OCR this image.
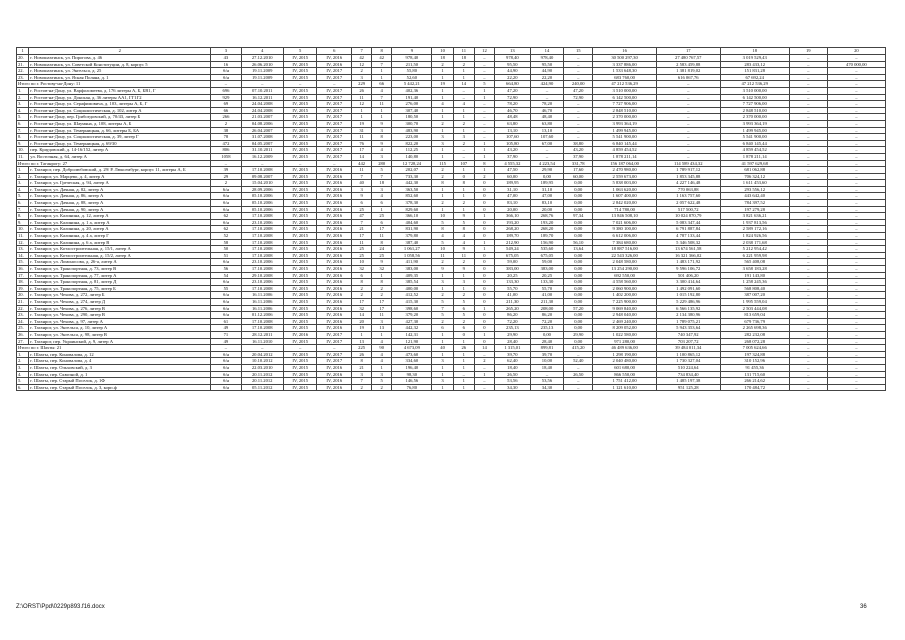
1	2	3	4	5	6	7	8	9	10	11	12	13	14	15	16	17	18	19	20
20.	г. Новошахтинск, ул. Пирогова, д. 46	43	27.12.2010	IV, 2015	IV, 2016	42	42	978,40	18	18	–	978,40	978,40	–	30 500 297,30	27 480 767,57	3 019 529,43	–	–
21.	г. Новошахтинск, ул. Советской Конституции, д. 8, корпус 5	16	26.06.2010	IV, 2015	IV, 2016	12	7	211,50	2	2	–	95,50	95,50	–	3 337 886,00	2 583 459,88	283 433,12	–	470 000,00
22.	г. Новошахтинск, ул. Энгельса, д. 25	б/н	19.11.2009	IV, 2015	IV, 2017	2	1	55,80	1	1	–	44,90	44,90	–	1 533 648,30	1 381 819,02	151 831,28	–	–
23.	г. Новошахтинск, ул. Ясная Поляна, д. 1	б/н	19.11.2009	IV, 2015	IV, 2017	3	1	52,60	1	1	–	22,20	22,20	–	683 760,00	616 067,76	67 692,24	–	–
Итого по г. Ростову-на-Дону: 11		–	–	–	–	229	66	5 442,21	19	14	5	664,80	424,90	240,00	47 212 536,29	–	47 212 536,29	–	–
1.	г. Ростов-на-Дону, ул. Варфоломеева, д. 176 литеры А, Б, БВ1, Г	696	07.10.2011	IV, 2015	IV, 2017	26	4	402,36	1	–	1	47,20	–	47,20	3 510 000,00	–	3 510 000,00	–	–
2.	г. Ростов-на-Дону, ул. Донская, д. 36 литеры АА1, ГГ1Г2	929	16.12.2011	IV, 2015	IV, 2017	11	7	191,40	1	–	1	72,90	–	72,90	6 142 500,00	–	6 142 500,00	–	–
3.	г. Ростов-на-Дону, ул. Серафимовича, д. 103, литеры А, Б, Г	69	24.04.2008	IV, 2015	IV, 2017	12	11	276,00	4	4	–	78,20	78,20	–	7 727 906,00	–	7 727 906,00	–	–
4.	г. Ростов-на-Дону, ул. Социалистическая, д. 102, литер А	66	24.04.2008	IV, 2015	IV, 2017	1	1	307,40	1	1	–	46,70	46,70	–	2 848 510,00	–	2 848 510,00	–	–
5.	г. Ростов-на-Дону, пер. Грибоедовский, д. 70/43, литер Б	266	21.03.2007	IV, 2015	IV, 2017	1	1	180,50	1	1	–	48,48	48,40	–	2 370 000,00	–	2 370 000,00	–	–
6.	г. Ростов-на-Дону, ул. Шаумяна, д. 108, литеры А, Б	2	04.08.2006	IV, 2015	IV, 2017	19	9	300,70	2	2	–	63,80	63,80	–	3 993 364,19	–	3 993 364,19	–	–
7.	г. Ростов-на-Дону, ул. Темерницкая, д. 66, литеры Б, БА	38	26.04.2007	IV, 2015	IV, 2017	31	3	483,90	1	1	–	13,10	13,10	–	1 499 945,00	–	1 499 945,00	–	–
8.	г. Ростов-на-Дону, ул. Социалистическая, д. 39, литер Г	78	31.07.2008	IV, 2015	IV, 2017	11	8	223,00	3	3	–	107,60	107,60	–	5 541 900,00	–	5 541 900,00	–	–
9.	г. Ростов-на-Дону, ул. Темерницкая, д. 69/30	472	04.05.2007	IV, 2015	IV, 2017	76	9	822,20	3	2	1	105,80	67,00	38,80	6 840 145,44	–	6 840 145,44	–	–
10.	пер. Краудовский, д. 14-16/152, литер А	806	31.10.2011	IV, 2015	IV, 2017	17	4	112,25	1	–	1	43,20	–	43,20	4 859 454,52	–	4 859 454,52	–	–
11.	ул. Восточная, д. 64, литер А	1058	16.12.2009	IV, 2015	IV, 2017	14	3	140,80	1	–	1	37,90	–	37,90	1 878 211,14	–	1 878 211,14	–	–
Итого по г. Таганрогу: 27		–	–	–	–	442	280	12 728,24	115	107	8	4 555,32	4 223,54	331,78	156 187 064,00	114 589 434,32	41 597 629,68	–	–
1.	г. Таганрог, пер. Добролюбовский, д. 29/ Р. Люксембург, корпус 11, литеры А, Б	39	17.10.2008	IV, 2015	IV, 2016	11	5	202,07	2	1	1	47,50	29,90	17,60	2 470 980,00	1 789 917,12	681 062,88	–	–
2.	г. Таганрог, ул. Марцево, д. 4, литер А	29	09.08.2007	IV, 2015	IV, 2016	7	7	733,30	2	0	2	60,00	0,00	60,00	2 559 673,00	1 853 345,88	706 324,12	–	–
3.	г. Таганрог, ул. Греческая, д. 94, литер А	2	15.04.2010	IV, 2015	IV, 2016	40	18	442,30	8	8	0	189,95	189,95	0,00	5 838 003,00	4 227 146,48	1 611 453,60	–	–
4.	г. Таганрог, ул. Дачная, д. 82, литер А	6/н	28.09.2006	IV, 2015	IV, 2016	3	3	363,50	1	1	0	31,10	31,10	0,00	1 063 620,00	770 063,88	293 556,12	–	–
5.	г. Таганрог, ул. Дачная, д. 86, литер А	б/н	05.10.2006	IV, 2015	IV, 2016	9	4	852,60	1	1	0	47,00	47,00	0,00	1 607 400,00	1 163 757,60	443 642,40	–	–
6.	г. Таганрог, ул. Дачная, д. 88, литер А	б/н	05.10.2006	IV, 2015	IV, 2016	6	6	378,30	2	2	0	83,10	83,10	0,00	2 842 020,00	2 057 622,48	784 397,52	–	–
7.	г. Таганрог, ул. Дачная, д. 90, литер А	б/н	05.10.2006	IV, 2015	IV, 2016	25	1	829,60	1	1	0	20,00	20,00	0,00	714 780,00	517 500,72	197 279,28	–	–
8.	г. Таганрог, ул. Калинина, д. 12, литер А	62	17.10.2008	IV, 2015	IV, 2016	47	25	366,10	10	9	1	366,10	268,76	97,34	13 846 508,10	10 024 870,79	3 821 636,21	–	–
9.	г. Таганрог, ул. Калинина, д. 1 а, литер А	б/н	23.10.2006	IV, 2015	IV, 2016	7	6	404,60	5	5	0	193,20	193,20	0,00	7 021 606,00	5 083 347,44	1 937 813,56	–	–
10.	г. Таганрог, ул. Калинина, д. 20, литер А	62	17.10.2008	IV, 2015	IV, 2016	21	17	831,90	8	8	0	268,20	268,20	0,00	9 380 100,00	6 791 887,84	2 589 172,16	–	–
11.	г. Таганрог, ул. Калинина, д. 4 а, литер Г	52	17.10.2008	IV, 2015	IV, 2016	17	11	379,80	4	4	0	189,70	189,70	0,00	6 612 006,00	4 787 133,44	1 824 926,56	–	–
12.	г. Таганрог, ул. Калинина, д. 6 а, литер В	58	17.10.2008	IV, 2015	IV, 2016	11	8	387,40	5	4	1	212,90	156,90	56,10	7 384 680,00	5 346 508,32	2 038 171,68	–	–
13.	г. Таганрог, ул. Котлостроительная, д. 15/1, литер А	50	17.10.2008	IV, 2015	IV, 2016	25	24	1 061,27	10	9	1	549,24	535,60	13,64	18 887 516,00	13 674 561,58	5 212 954,42	–	–
14.	г. Таганрог, ул. Котлостроительная, д. 15/2, литер А	51	17.10.2008	IV, 2015	IV, 2016	25	25	1 058,56	11	11	0	675,05	675,05	0,00	22 543 326,00	16 321 366,02	6 221 959,98	–	–
15.	г. Таганрог, ул. Ломоносова, д. 26-а, литер А	б/н	23.10.2006	IV, 2015	IV, 2016	10	9	411,90	2	2	0	59,00	59,00	0,00	2 048 580,00	1 483 171,92	565 408,08	–	–
16.	г. Таганрог, ул. Транспортная, д. 73, литер В	56	17.10.2008	IV, 2015	IV, 2016	32	32	383,00	9	9	0	383,00	383,00	0,00	13 254 290,00	9 596 106,72	3 658 183,28	–	–
17.	г. Таганрог, ул. Транспортная, д. 77, литер А	54	29.10.2008	IV, 2015	IV, 2016	6	1	409,35	1	1	0	20,25	20,25	0,00	692 550,00	501 406,20	191 143,80	–	–
18.	г. Таганрог, ул. Транспортная, д. 81, литер Д	б/н	23.10.2006	IV, 2015	IV, 2016	8	8	385,54	3	3	0	133,30	133,30	0,00	4 558 560,00	3 300 414,64	1 258 245,36	–	–
19.	г. Таганрог, ул. Транспортная, д. 75, литер Б	55	17.10.2008	IV, 2015	IV, 2016	2	2	400,00	1	1	0	55,70	55,70	0,00	2 060 900,00	1 492 091,60	568 808,40	–	–
20.	г. Таганрог, ул. Чехова, д. 272, литер Б	б/н	16.11.2006	IV, 2015	IV, 2016	2	2	412,52	2	2	0	41,00	41,00	0,00	1 402 200,00	1 015 192,80	387 007,20	–	–
21.	г. Таганрог, ул. Чехова, д. 274, литер Д	б/н	16.11.2006	IV, 2015	IV, 2016	17	17	415,30	5	5	0	211,30	211,30	0,00	7 225 900,00	5 229 486,96	1 995 559,04	–	–
22.	г. Таганрог, ул. Чехова, д. 276, литер В	б/н	16.11.2006	IV, 2015	IV, 2016	32	17	398,60	7	6	1	265,20	208,00	57,20	9 069 840,00	6 566 135,92	2 503 444,08	–	–
23.	г. Таганрог, ул. Чехова, д. 290, литер В	б/н	01.12.2006	IV, 2015	IV, 2016	14	11	379,20	5	5	0	86,20	86,20	0,00	2 948 040,00	2 134 380,96	813 659,04	–	–
24.	г. Таганрог, ул. Чехова, д. 97, литер А	61	17.10.2008	IV, 2015	IV, 2016	20	3	427,30	2	2	0	72,20	72,20	0,00	2 469 240,00	1 789 075,21	679 736,79	–	–
25.	г. Таганрог, ул. Энгельса, д. 10, литер А	49	17.10.2008	IV, 2015	IV, 2016	19	13	442,32	6	6	0	235,13	235,13	0,00	8 209 052,00	5 943 353,64	2 265 698,36	–	–
26.	г. Таганрог, ул. Энгельса, д. 98, литер В	71	28.12.2011	IV, 2016	IV, 2017	1	1	142,31	1	0	1	29,90	0,00	29,90	1 022 580,00	740 347,92	282 232,08	–	–
27.	г. Таганрог, пер. Украинский, д. 9, литер А	49	16.11.2010	IV, 2015	IV, 2017	13	4	121,90	1	1	0	28,40	28,40	0,00	971 280,00	703 207,72	268 072,28	–	–
Итого по г. Шахты: 21		–	–	–	–	225	90	4 673,09	40	26	14	1 315,01	899,81	415,20	46 489 636,00	39 484 011,34	7 005 624,66	–	–
1.	г. Шахты, пер. Коновалова, д. 12	б/н	20.04.2012	IV, 2015	IV, 2017	26	4	473,60	1	1	–	39,70	39,70	–	1 298 190,00	1 100 865,12	197 324,88	–	–
2.	г. Шахты, пер. Коновалова, д. 4	б/н	10.10.2012	IV, 2015	IV, 2017	8	4	334,60	3	1	2	62,40	10,00	52,40	2 040 480,00	1 730 327,04	310 152,96	–	–
3.	г. Шахты, пер. Ольховский, д. 3	б/н	22.03.2010	IV, 2015	IV, 2016	21	1	196,40	1	1	–	18,40	18,40	–	601 680,00	510 224,64	91 455,36	–	–
4.	г. Шахты, пер. Сквозной, д. 1	б/н	20.11.2012	IV, 2015	IV, 2016	3	3	98,30	1	–	1	26,50	–	26,50	866 550,00	734 834,40	131 715,60	–	–
5.	г. Шахты, пер. Старый Поселок, д. 1Ф	б/н	20.11.2012	IV, 2015	IV, 2016	7	5	146,56	3	1	–	53,56	53,56	–	1 751 412,00	1 485 197,38	266 214,62	–	–
6.	г. Шахты, пер. Старый Поселок, д. 3, корп.ф	б/н	05.11.2012	IV, 2015	IV, 2016	2	2	76,80	1	1	–	34,30	34,30	–	1 121 610,00	951 125,28	170 484,72	–	–
Z:\ORST\Ppd\0229p893.f16.docx	36
